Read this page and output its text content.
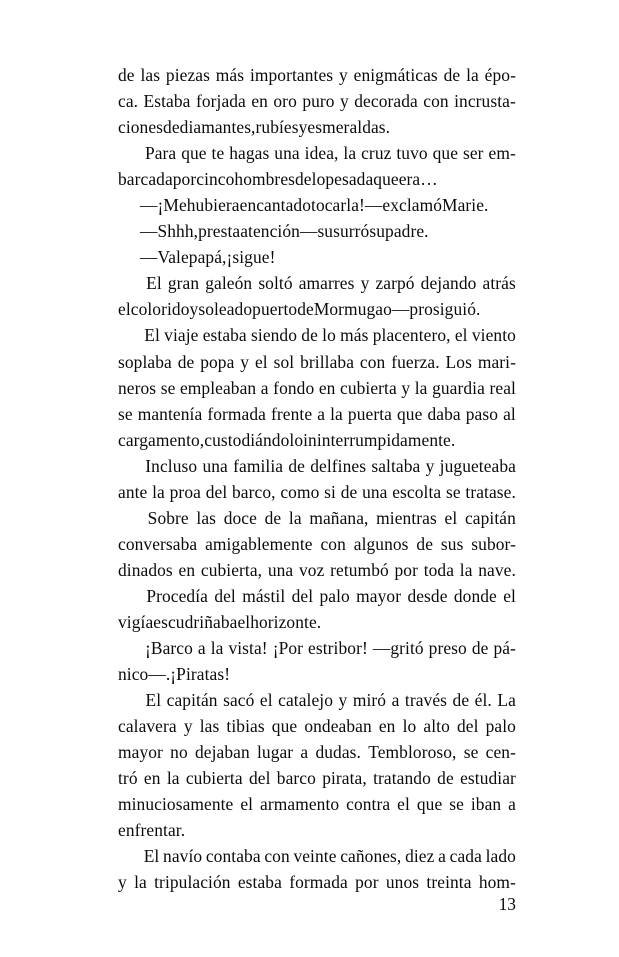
de las piezas más importantes y enigmáticas de la épo-
ca. Estaba forjada en oro puro y decorada con incrusta-
ciones de diamantes, rubíes y esmeraldas.
Para que te hagas una idea, la cruz tuvo que ser em-
barcada por cinco hombres de lo pesada que era…
—¡Me hubiera encantado tocarla! —exclamó Marie.
—Shhh, presta atención —susurró su padre.
—Vale papá, ¡sigue!
El gran galeón soltó amarres y zarpó dejando atrás
el colorido y soleado puerto de Mormugao —prosiguió.
El viaje estaba siendo de lo más placentero, el viento
soplaba de popa y el sol brillaba con fuerza. Los mari-
neros se empleaban a fondo en cubierta y la guardia real
se mantenía formada frente a la puerta que daba paso al
cargamento, custodiándolo ininterrumpidamente.
Incluso una familia de delfines saltaba y jugueteaba
ante la proa del barco, como si de una escolta se tratase.
Sobre las doce de la mañana, mientras el capitán
conversaba amigablemente con algunos de sus subor-
dinados en cubierta, una voz retumbó por toda la nave.
Procedía del mástil del palo mayor desde donde el
vigía escudriñaba el horizonte.
¡Barco a la vista! ¡Por estribor! —gritó preso de pá-
nico—. ¡Piratas!
El capitán sacó el catalejo y miró a través de él. La
calavera y las tibias que ondeaban en lo alto del palo
mayor no dejaban lugar a dudas. Tembloroso, se cen-
tró en la cubierta del barco pirata, tratando de estudiar
minuciosamente el armamento contra el que se iban a
enfrentar.
El navío contaba con veinte cañones, diez a cada lado
y la tripulación estaba formada por unos treinta hom-
13
